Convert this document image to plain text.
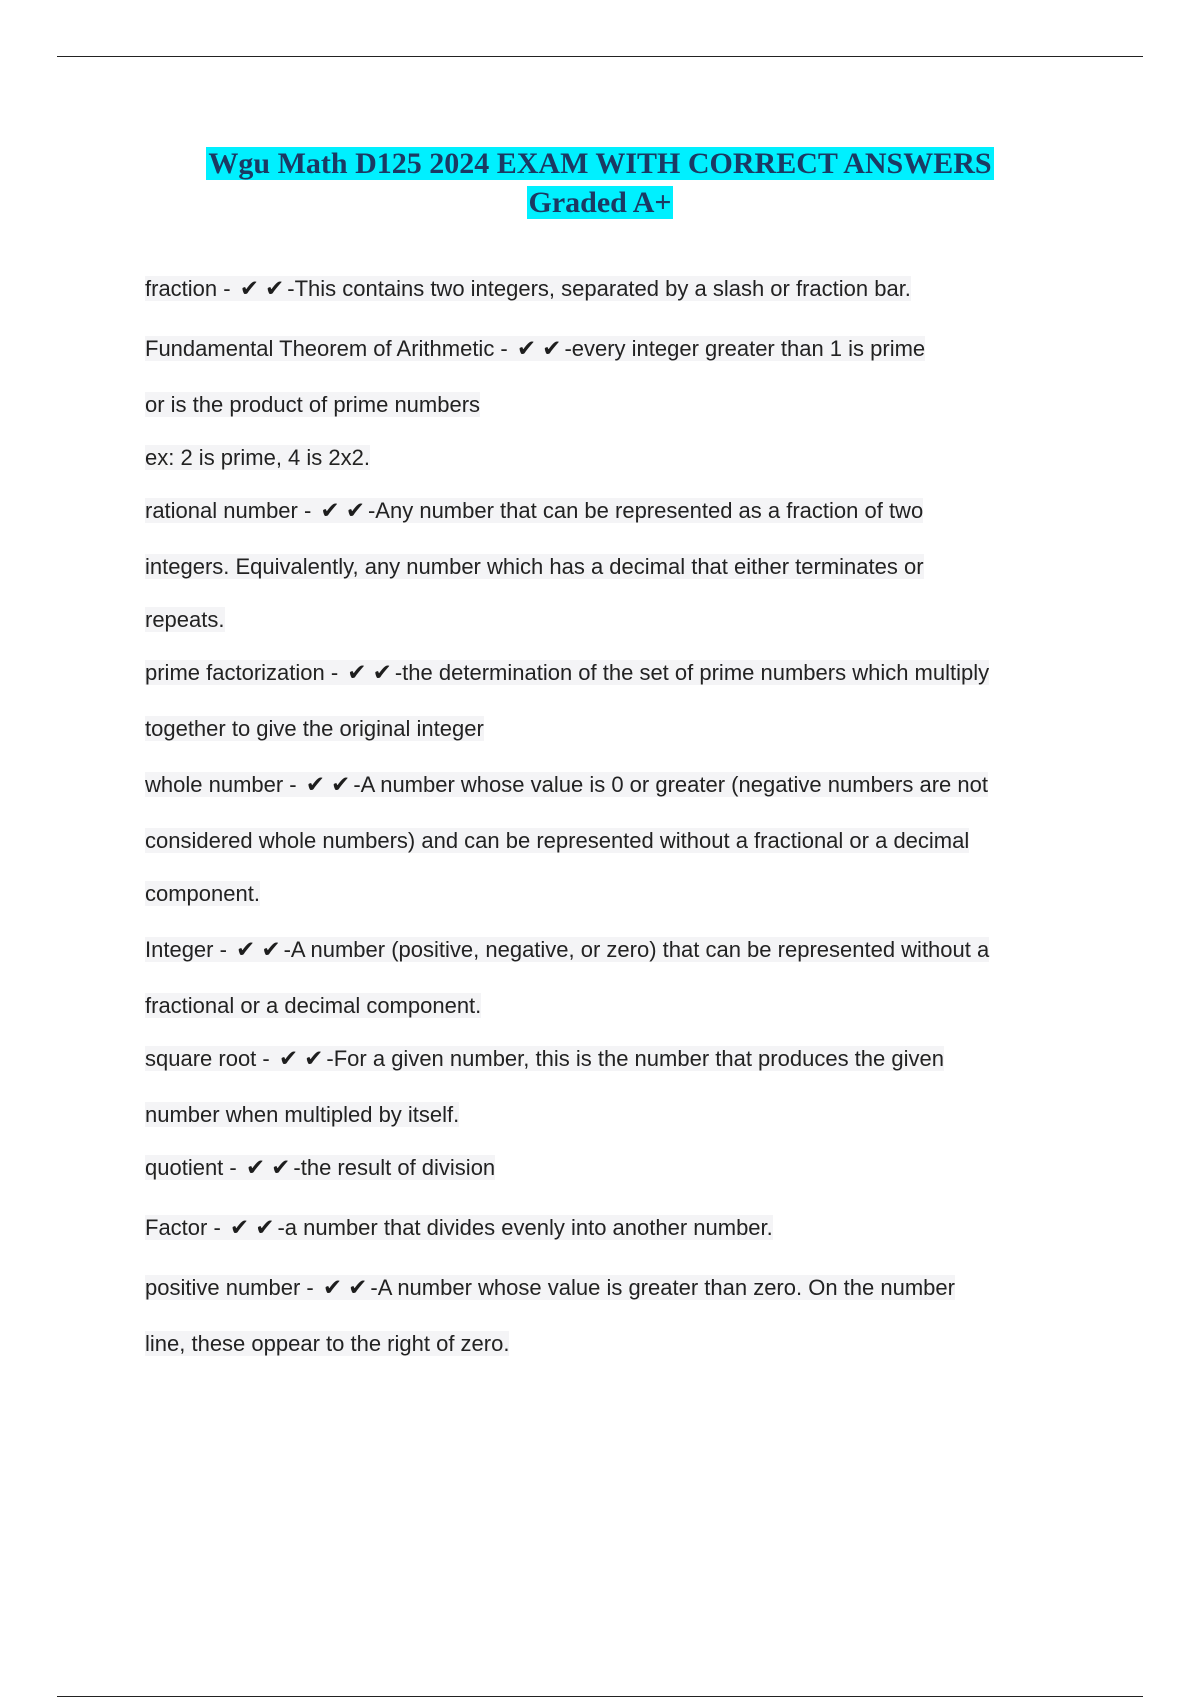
Wgu Math D125 2024 EXAM WITH CORRECT ANSWERS
Graded A+
fraction - ✔ ✔ -This contains two integers, separated by a slash or fraction bar.
Fundamental Theorem of Arithmetic - ✔ ✔ -every integer greater than 1 is prime
or is the product of prime numbers
ex: 2 is prime, 4 is 2x2.
rational number - ✔ ✔ -Any number that can be represented as a fraction of two
integers. Equivalently, any number which has a decimal that either terminates or
repeats.
prime factorization - ✔ ✔ -the determination of the set of prime numbers which multiply
together to give the original integer
whole number - ✔ ✔ -A number whose value is 0 or greater (negative numbers are not
considered whole numbers) and can be represented without a fractional or a decimal
component.
Integer - ✔ ✔ -A number (positive, negative, or zero) that can be represented without a
fractional or a decimal component.
square root - ✔ ✔ -For a given number, this is the number that produces the given
number when multipled by itself.
quotient - ✔ ✔ -the result of division
Factor - ✔ ✔ -a number that divides evenly into another number.
positive number - ✔ ✔ -A number whose value is greater than zero. On the number
line, these oppear to the right of zero.
